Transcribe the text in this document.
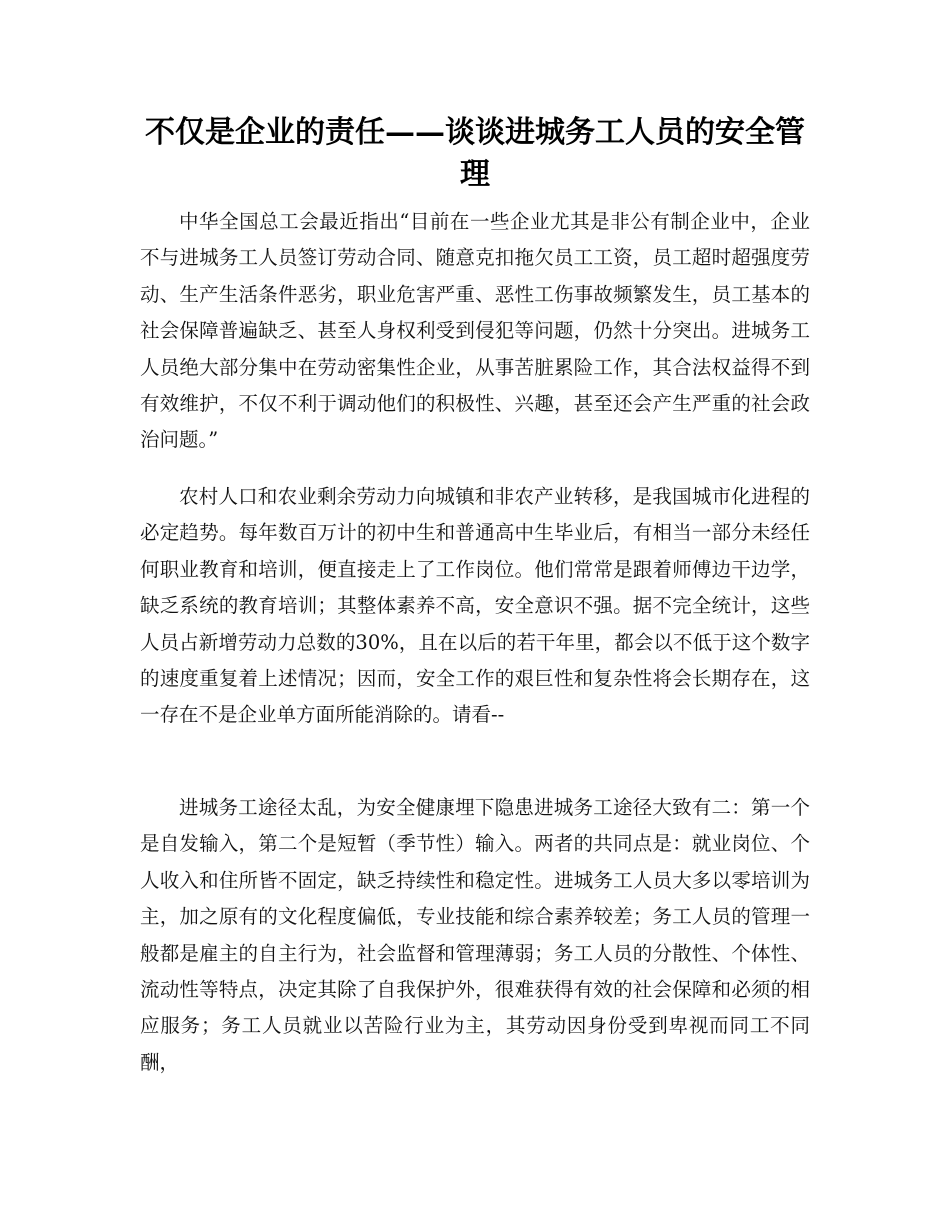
不仅是企业的责任——谈谈进城务工人员的安全管理

中华全国总工会最近指出“目前在一些企业尤其是非公有制企业中，企业不与进城务工人员签订劳动合同、随意克扣拖欠员工工资，员工超时超强度劳动、生产生活条件恶劣，职业危害严重、恶性工伤事故频繁发生，员工基本的社会保障普遍缺乏、甚至人身权利受到侵犯等问题，仍然十分突出。进城务工人员绝大部分集中在劳动密集性企业，从事苦脏累险工作，其合法权益得不到有效维护，不仅不利于调动他们的积极性、兴趣，甚至还会产生严重的社会政治问题。”

农村人口和农业剩余劳动力向城镇和非农产业转移，是我国城市化进程的必定趋势。每年数百万计的初中生和普通高中生毕业后，有相当一部分未经任何职业教育和培训，便直接走上了工作岗位。他们常常是跟着师傅边干边学，缺乏系统的教育培训；其整体素养不高，安全意识不强。据不完全统计，这些人员占新增劳动力总数的30%，且在以后的若干年里，都会以不低于这个数字的速度重复着上述情况；因而，安全工作的艰巨性和复杂性将会长期存在，这一存在不是企业单方面所能消除的。请看--

进城务工途径太乱，为安全健康埋下隐患进城务工途径大致有二：第一个是自发输入，第二个是短暂（季节性）输入。两者的共同点是：就业岗位、个人收入和住所皆不固定，缺乏持续性和稳定性。进城务工人员大多以零培训为主，加之原有的文化程度偏低，专业技能和综合素养较差；务工人员的管理一般都是雇主的自主行为，社会监督和管理薄弱；务工人员的分散性、个体性、流动性等特点，决定其除了自我保护外，很难获得有效的社会保障和必须的相应服务；务工人员就业以苦险行业为主，其劳动因身份受到卑视而同工不同酬，
